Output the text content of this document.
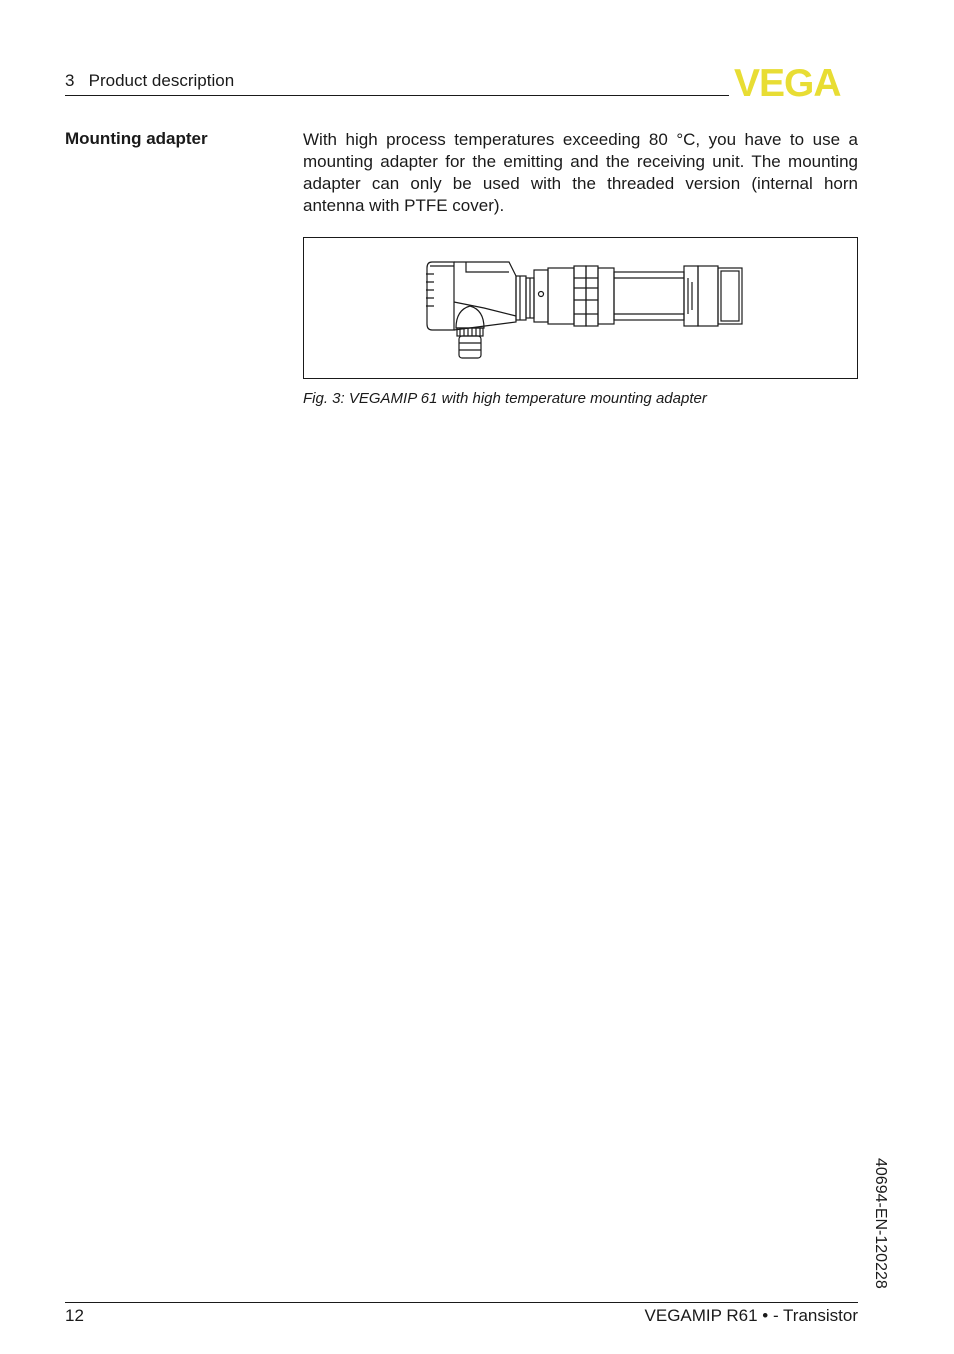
3   Product description	VEGA
Mounting adapter	With high process temperatures exceeding 80 °C, you have to use a mounting adapter for the emitting and the receiving unit. The mounting adapter can only be used with the threaded version (internal horn antenna with PTFE cover).
Fig. 3: VEGAMIP 61 with high temperature mounting adapter
40694-EN-120228
12	VEGAMIP R61 • - Transistor
